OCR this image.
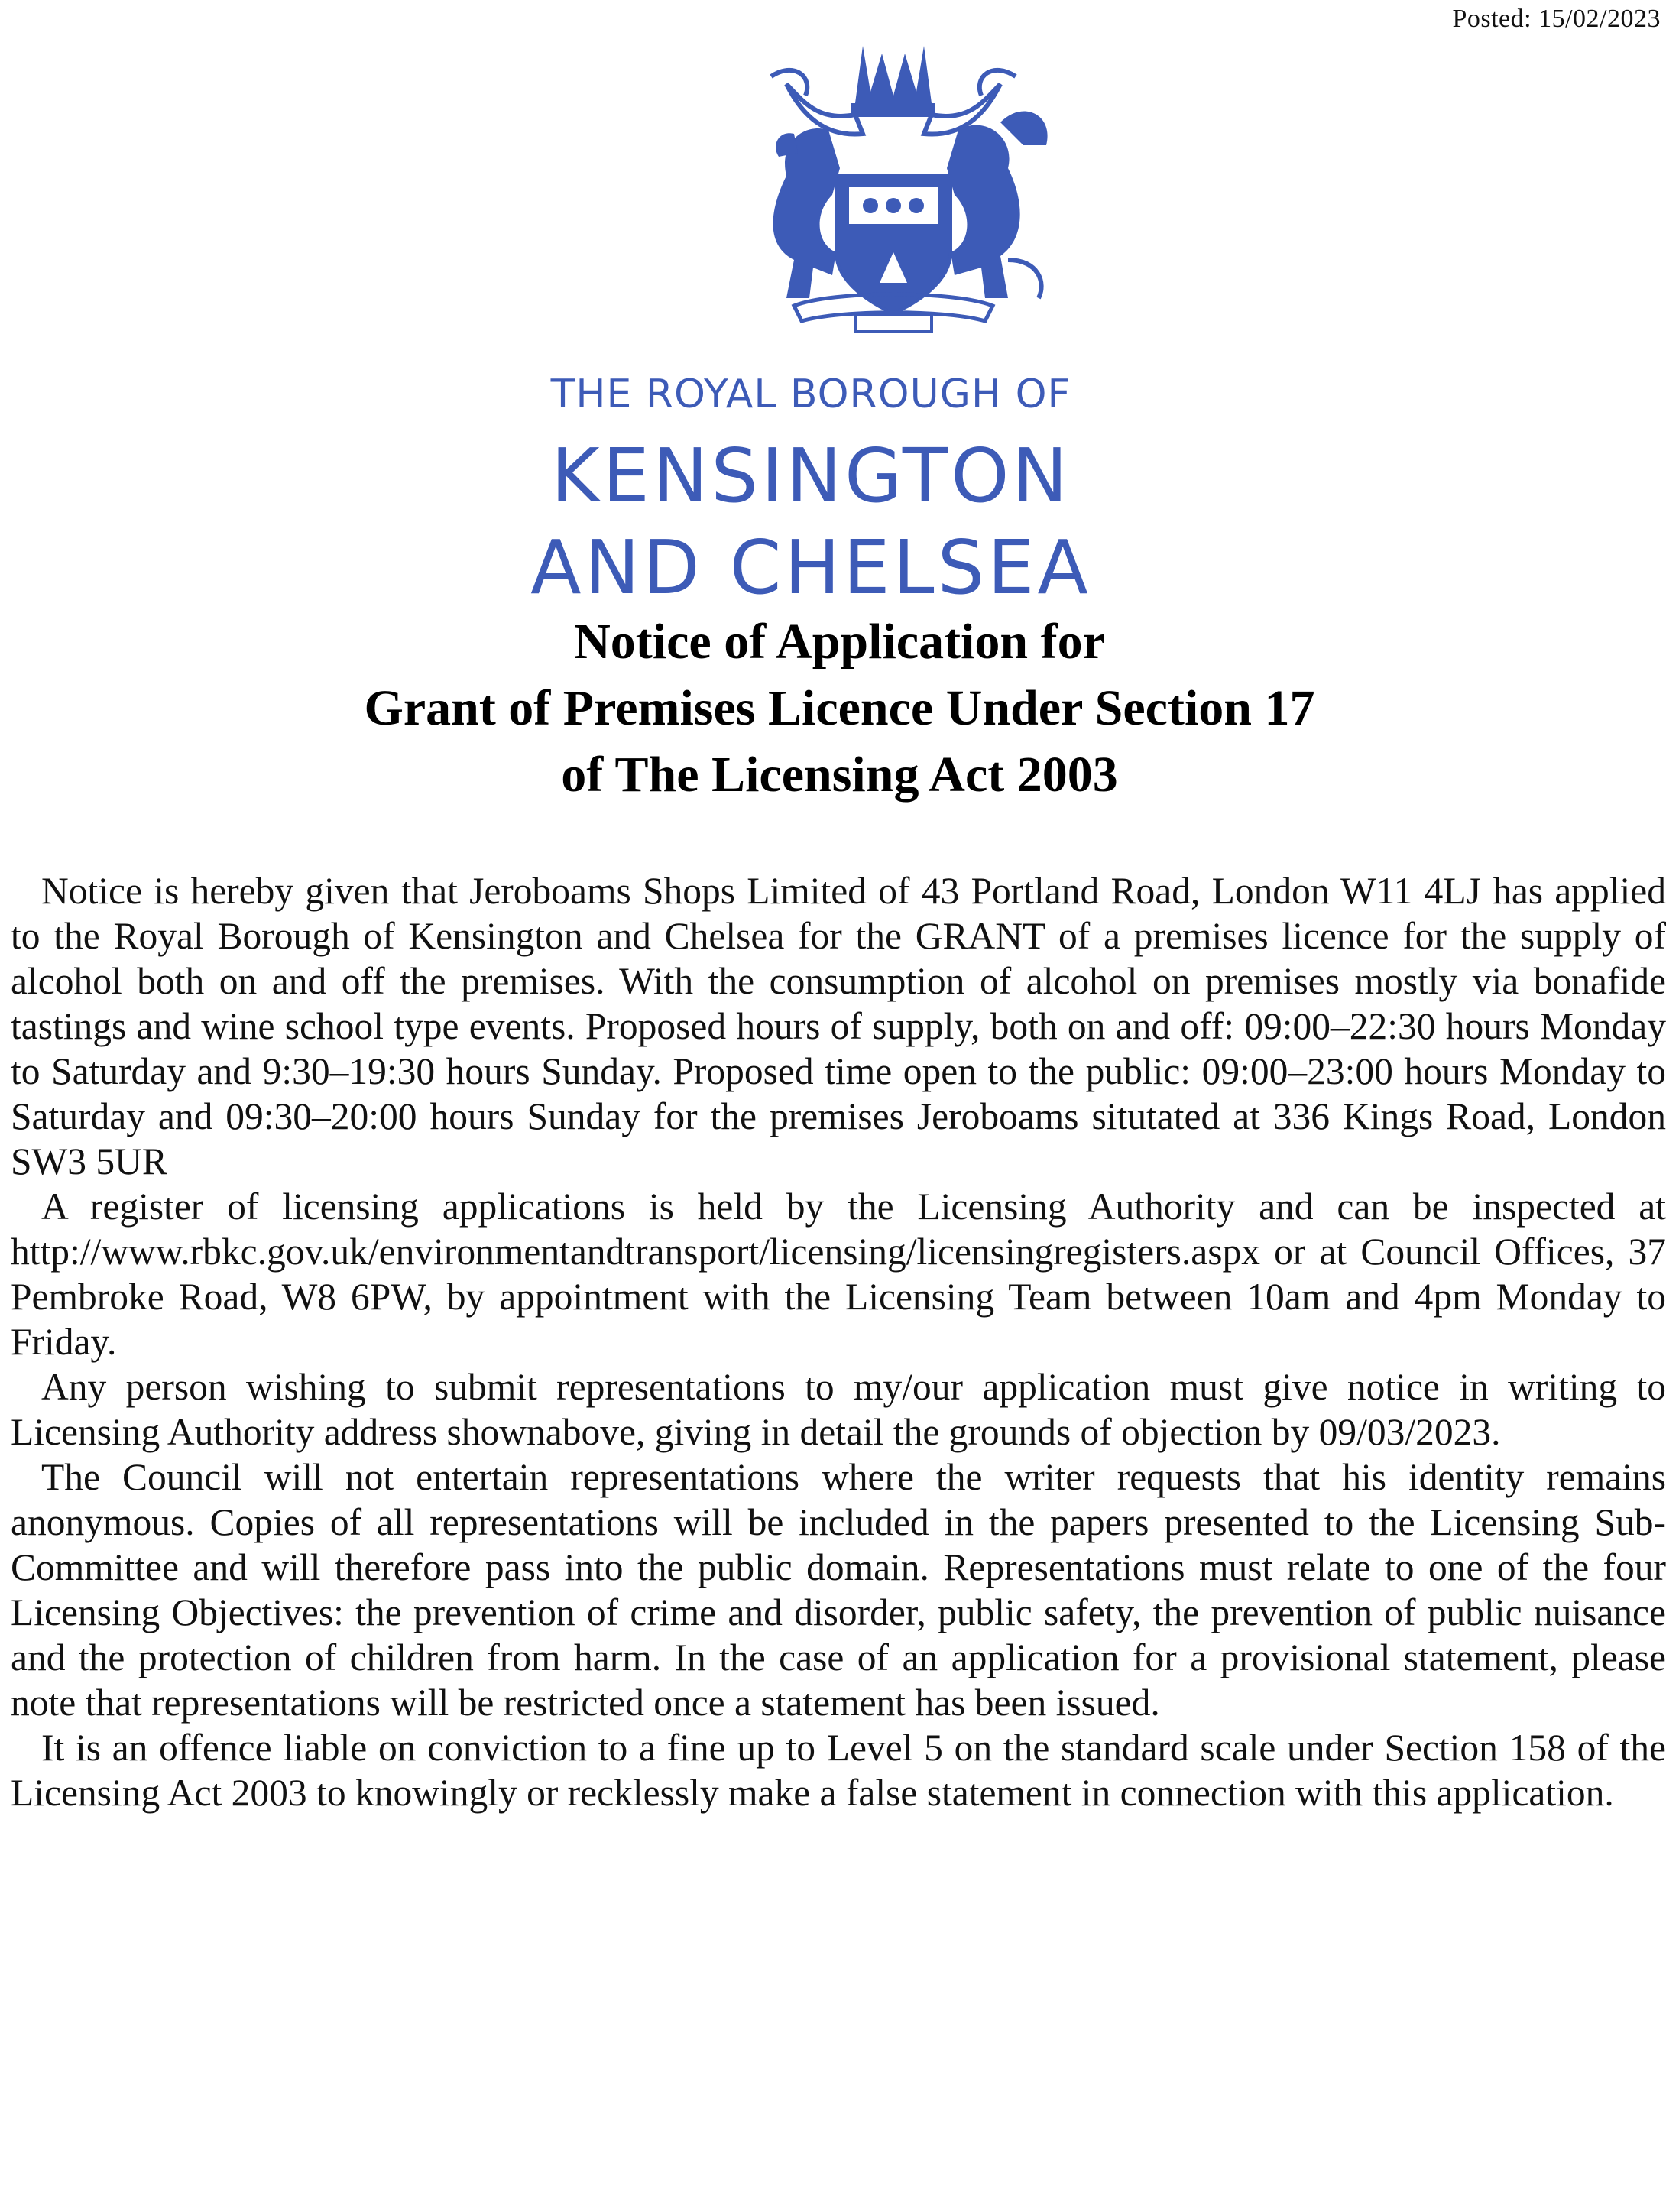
Posted: 15/02/2023
THE ROYAL BOROUGH OF
KENSINGTON
AND CHELSEA
Notice of Application for
Grant of Premises Licence Under Section 17
of The Licensing Act 2003

Notice is hereby given that Jeroboams Shops Limited of 43 Portland Road, London W11 4LJ has applied to the Royal Borough of Kensington and Chelsea for the GRANT of a premises licence for the supply of alcohol both on and off the premises. With the consumption of alcohol on premises mostly via bonafide tastings and wine school type events. Proposed hours of supply, both on and off: 09:00–22:30 hours Monday to Saturday and 9:30–19:30 hours Sunday. Proposed time open to the public: 09:00–23:00 hours Monday to Saturday and 09:30–20:00 hours Sunday for the premises Jeroboams situtated at 336 Kings Road, London SW3 5UR

A register of licensing applications is held by the Licensing Authority and can be inspected at http://www.rbkc.gov.uk/environmentandtransport/licensing/licensingregisters.aspx or at Council Offices, 37 Pembroke Road, W8 6PW, by appointment with the Licensing Team between 10am and 4pm Monday to Friday.

Any person wishing to submit representations to my/our application must give notice in writing to Licensing Authority address shownabove, giving in detail the grounds of objection by 09/03/2023.

The Council will not entertain representations where the writer requests that his identity remains anonymous. Copies of all representations will be included in the papers presented to the Licensing Sub-Committee and will therefore pass into the public domain. Representations must relate to one of the four Licensing Objectives: the prevention of crime and disorder, public safety, the prevention of public nuisance and the protection of children from harm. In the case of an application for a provisional statement, please note that representations will be restricted once a statement has been issued.

It is an offence liable on conviction to a fine up to Level 5 on the standard scale under Section 158 of the Licensing Act 2003 to knowingly or recklessly make a false statement in connection with this application.
